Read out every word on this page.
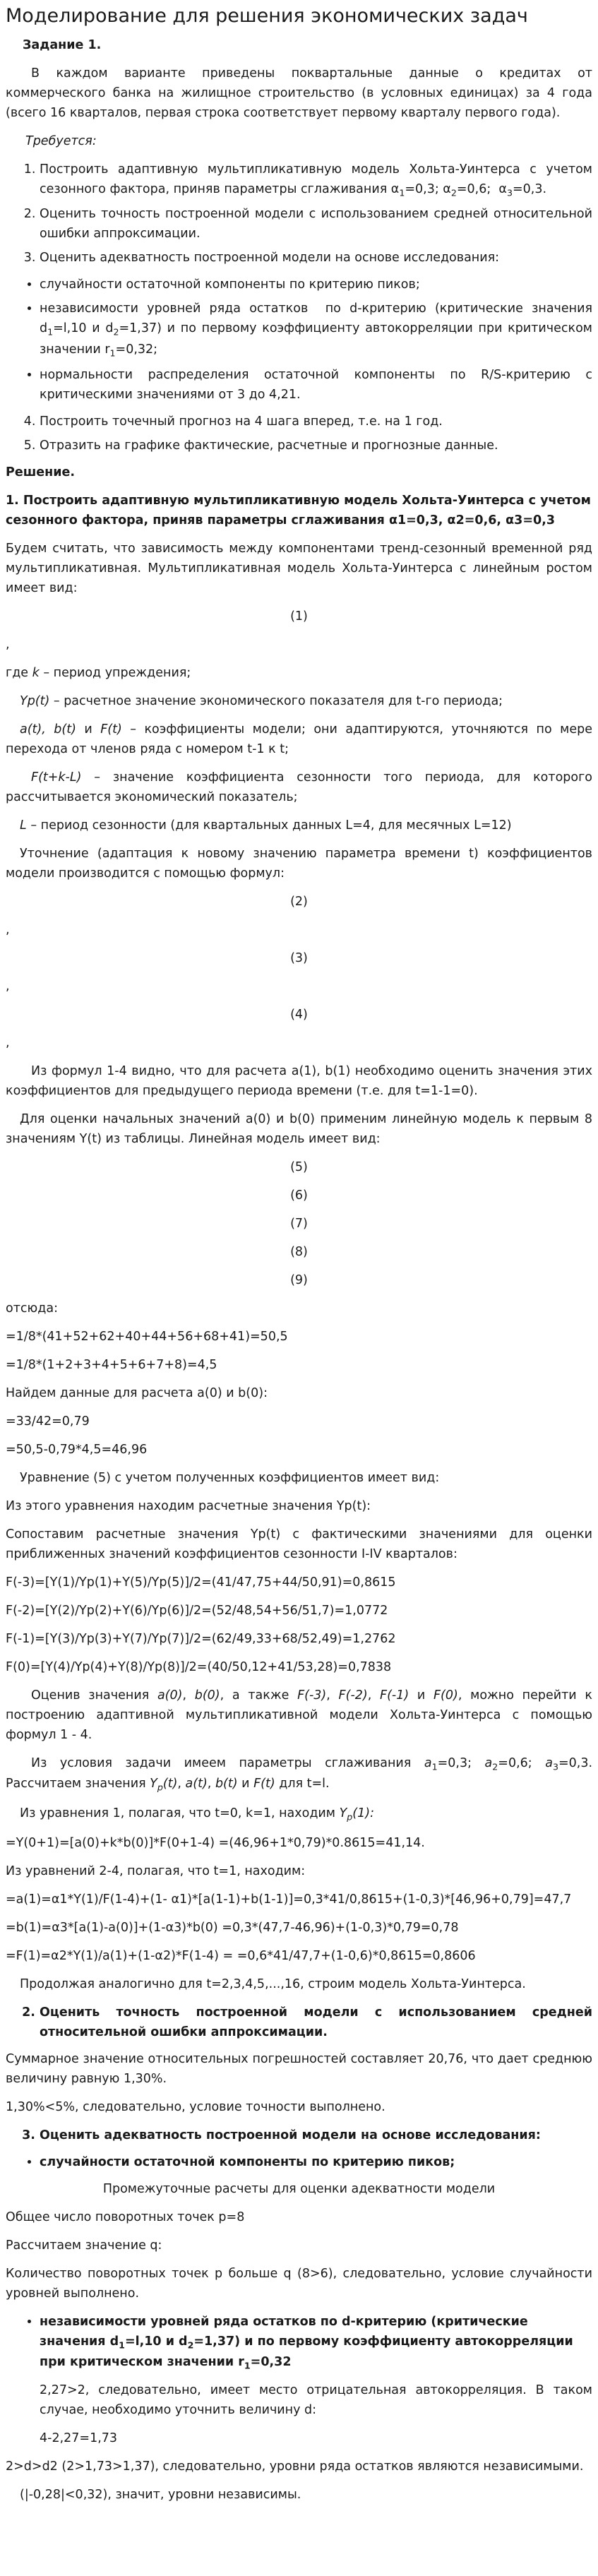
Моделирование для решения экономических задач

Задание 1.

В каждом варианте приведены поквартальные данные о кредитах от коммерческого банка на жилищное строительство (в условных единицах) за 4 года (всего 16 кварталов, первая строка соответствует первому кварталу первого года).

Требуется:

1. Построить адаптивную мультипликативную модель Хольта-Уинтерса с учетом сезонного фактора, приняв параметры сглаживания $\alpha_1=0,3$; $\alpha_2=0,6$;  $\alpha_3=0,3$.
2. Оценить точность построенной модели с использованием средней относительной ошибки аппроксимации.
3. Оценить адекватность построенной модели на основе исследования:
• случайности остаточной компоненты по критерию пиков;
• независимости уровней ряда остатков  по d-критерию (критические значения $d_1=l,10$ и $d_2=1,37$) и по первому коэффициенту автокорреляции при критическом значении $r_1=0,32$;
• нормальности распределения остаточной компоненты по R/S-критерию с критическими значениями от 3 до 4,21.
4. Построить точечный прогноз на 4 шага вперед, т.е. на 1 год.
5. Отразить на графике фактические, расчетные и прогнозные данные.

Решение.

1. Построить адаптивную мультипликативную модель Хольта-Уинтерса с учетом сезонного фактора, приняв параметры сглаживания α1=0,3, α2=0,6, α3=0,3

Будем считать, что зависимость между компонентами тренд-сезонный временной ряд мультипликативная. Мультипликативная модель Хольта-Уинтерса с линейным ростом имеет вид:

(1)

,

где k – период упреждения;

Yp(t) – расчетное значение экономического показателя для t-го периода;

a(t), b(t) и F(t) – коэффициенты модели; они адаптируются, уточняются по мере перехода от членов ряда с номером t-1 к t;

F(t+k-L) – значение коэффициента сезонности того периода, для которого рассчитывается экономический показатель;

L – период сезонности (для квартальных данных L=4, для месячных L=12)

Уточнение (адаптация к новому значению параметра времени t) коэффициентов модели производится с помощью формул:

(2)

,

(3)

,

(4)

,

Из формул 1-4 видно, что для расчета a(1), b(1) необходимо оценить значения этих коэффициентов для предыдущего периода времени (т.е. для t=1-1=0).

Для оценки начальных значений a(0) и b(0) применим линейную модель к первым 8 значениям Y(t) из таблицы. Линейная модель имеет вид:

(5)

(6)

(7)

(8)

(9)

отсюда:

=1/8*(41+52+62+40+44+56+68+41)=50,5

=1/8*(1+2+3+4+5+6+7+8)=4,5

Найдем данные для расчета a(0) и b(0):

=33/42=0,79

=50,5-0,79*4,5=46,96

Уравнение (5) с учетом полученных коэффициентов имеет вид:

Из этого уравнения находим расчетные значения Yp(t):

Сопоставим расчетные значения Yp(t) с фактическими значениями для оценки приближенных значений коэффициентов сезонности I-IV кварталов:

F(-3)=[Y(1)/Yp(1)+Y(5)/Yp(5)]/2=(41/47,75+44/50,91)=0,8615

F(-2)=[Y(2)/Yp(2)+Y(6)/Yp(6)]/2=(52/48,54+56/51,7)=1,0772

F(-1)=[Y(3)/Yp(3)+Y(7)/Yp(7)]/2=(62/49,33+68/52,49)=1,2762

F(0)=[Y(4)/Yp(4)+Y(8)/Yp(8)]/2=(40/50,12+41/53,28)=0,7838

Оценив значения a(0), b(0), а также F(-3), F(-2), F(-1) и F(0), можно перейти к построению адаптивной мультипликативной модели Хольта-Уинтерса с помощью формул 1 - 4.

Из условия задачи имеем параметры сглаживания $a_1=0,3$; $a_2=0,6$; $a_3=0,3$. Рассчитаем значения $Y_p(t)$, a(t), b(t) и F(t) для t=l.

Из уравнения 1, полагая, что t=0, k=1, находим $Y_p(1)$:

=Y(0+1)=[a(0)+k*b(0)]*F(0+1-4) =(46,96+1*0,79)*0.8615=41,14.

Из уравнений 2-4, полагая, что t=1, находим:

=a(1)=α1*Y(1)/F(1-4)+(1- α1)*[a(1-1)+b(1-1)]=0,3*41/0,8615+(1-0,3)*[46,96+0,79]=47,7

=b(1)=α3*[a(1)-a(0)]+(1-α3)*b(0) =0,3*(47,7-46,96)+(1-0,3)*0,79=0,78

=F(1)=α2*Y(1)/a(1)+(1-α2)*F(1-4) = =0,6*41/47,7+(1-0,6)*0,8615=0,8606

Продолжая аналогично для t=2,3,4,5,...,16, строим модель Хольта-Уинтерса.

2. Оценить точность построенной модели с использованием средней относительной ошибки аппроксимации.

Суммарное значение относительных погрешностей составляет 20,76, что дает среднюю величину равную 1,30%.

1,30%<5%, следовательно, условие точности выполнено.

3. Оценить адекватность построенной модели на основе исследования:
• случайности остаточной компоненты по критерию пиков;

Промежуточные расчеты для оценки адекватности модели

Общее число поворотных точек p=8

Рассчитаем значение q:

Количество поворотных точек p больше q (8>6), следовательно, условие случайности уровней выполнено.

• независимости уровней ряда остатков по d-критерию (критические значения $d_1=l,10$ и $d_2=1,37$) и по первому коэффициенту автокорреляции при критическом значении $r_1=0,32$

2,27>2, следовательно, имеет место отрицательная автокорреляция. В таком случае, необходимо уточнить величину d:

4-2,27=1,73

2>d>d2 (2>1,73>1,37), следовательно, уровни ряда остатков являются независимыми.

(|-0,28|<0,32), значит, уровни независимы.
